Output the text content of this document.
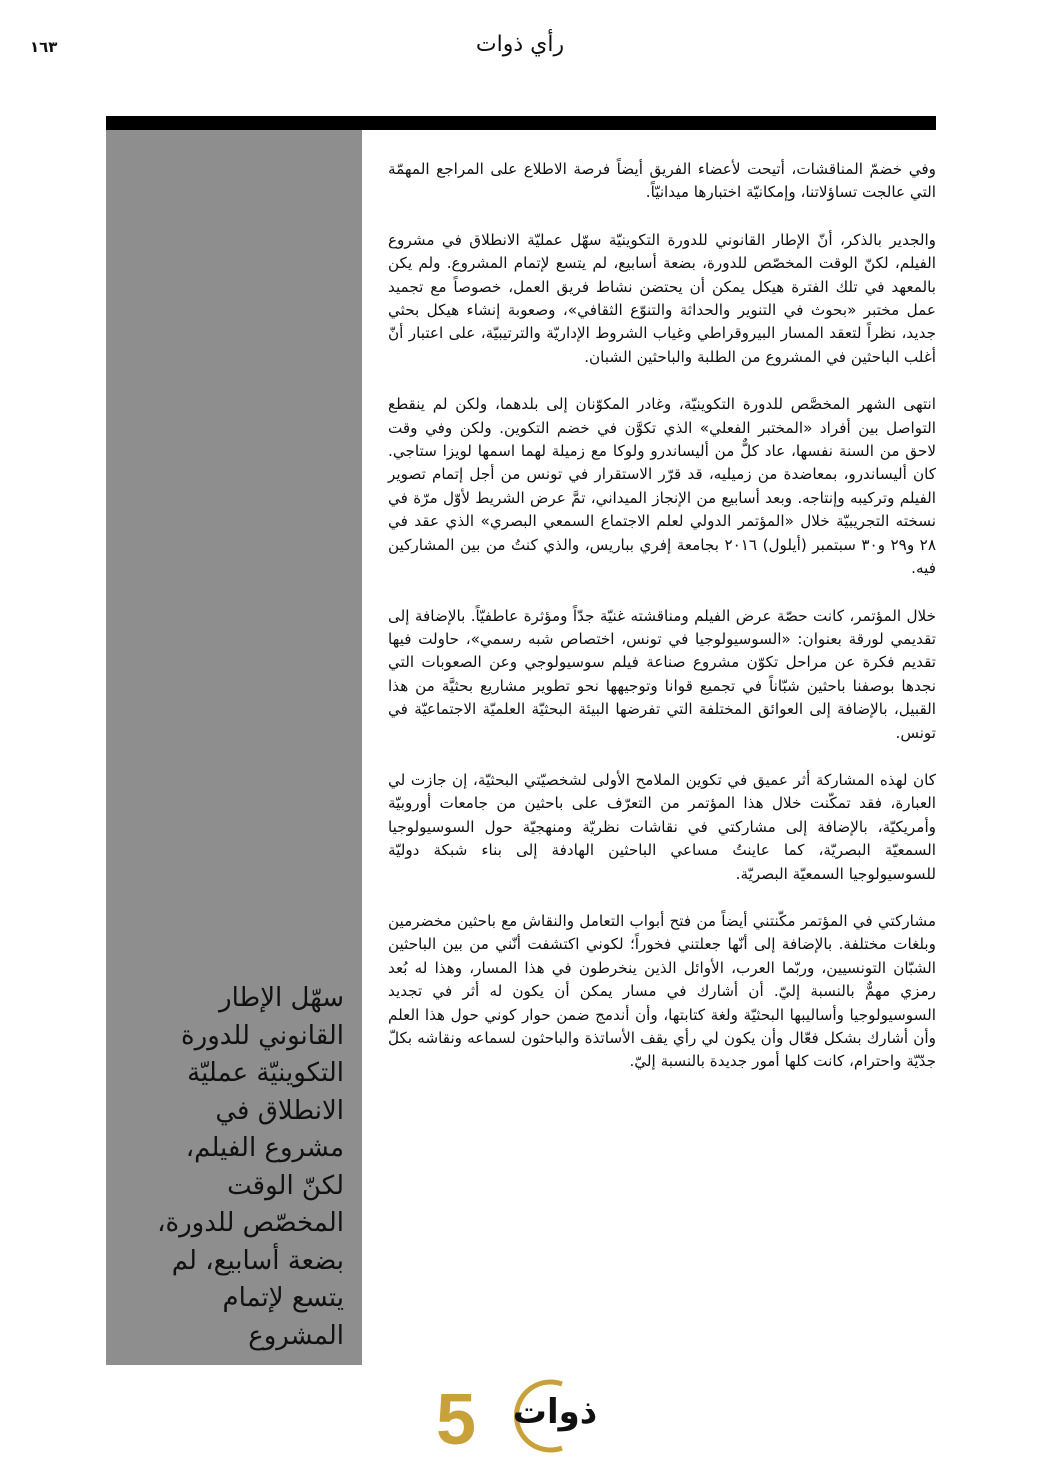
١٦٣	رأي ذوات
سهّل الإطار القانوني للدورة التكوينيّة عمليّة الانطلاق في مشروع الفيلم، لكنّ الوقت المخصّص للدورة، بضعة أسابيع، لم يتسع لإتمام المشروع

وفي خضمّ المناقشات، أتيحت لأعضاء الفريق أيضاً فرصة الاطلاع على المراجع المهمّة التي عالجت تساؤلاتنا، وإمكانيّة اختبارها ميدانيّاً.

والجدير بالذكر، أنّ الإطار القانوني للدورة التكوينيّة سهّل عمليّة الانطلاق في مشروع الفيلم، لكنّ الوقت المخصّص للدورة، بضعة أسابيع، لم يتسع لإتمام المشروع. ولم يكن بالمعهد في تلك الفترة هيكل يمكن أن يحتضن نشاط فريق العمل، خصوصاً مع تجميد عمل مختبر «بحوث في التنوير والحداثة والتنوّع الثقافي»، وصعوبة إنشاء هيكل بحثي جديد، نظراً لتعقد المسار البيروقراطي وغياب الشروط الإداريّة والترتيبيّة، على اعتبار أنّ أغلب الباحثين في المشروع من الطلبة والباحثين الشبان.

انتهى الشهر المخصَّص للدورة التكوينيّة، وغادر المكوّنان إلى بلدهما، ولكن لم ينقطع التواصل بين أفراد «المختبر الفعلي» الذي تكوَّن في خضم التكوين. ولكن وفي وقت لاحق من السنة نفسها، عاد كلٌّ من أليساندرو ولوكا مع زميلة لهما اسمها لويزا ستاجي. كان أليساندرو، بمعاضدة من زميليه، قد قرّر الاستقرار في تونس من أجل إتمام تصوير الفيلم وتركيبه وإنتاجه. وبعد أسابيع من الإنجاز الميداني، تمَّ عرض الشريط لأوّل مرّة في نسخته التجريبيّة خلال «المؤتمر الدولي لعلم الاجتماع السمعي البصري» الذي عقد في ٢٨ و٢٩ و٣٠ سبتمبر (أيلول) ٢٠١٦ بجامعة إفري بباريس، والذي كنتُ من بين المشاركين فيه.

خلال المؤتمر، كانت حصّة عرض الفيلم ومناقشته غنيّة جدّاً ومؤثرة عاطفيّاً. بالإضافة إلى تقديمي لورقة بعنوان: «السوسيولوجيا في تونس، اختصاص شبه رسمي»، حاولت فيها تقديم فكرة عن مراحل تكوّن مشروع صناعة فيلم سوسيولوجي وعن الصعوبات التي نجدها بوصفنا باحثين شبّاناً في تجميع قوانا وتوجيهها نحو تطوير مشاريع بحثيَّة من هذا القبيل، بالإضافة إلى العوائق المختلفة التي تفرضها البيئة البحثيّة العلميّة الاجتماعيّة في تونس.

كان لهذه المشاركة أثر عميق في تكوين الملامح الأولى لشخصيّتي البحثيّة، إن جازت لي العبارة، فقد تمكّنت خلال هذا المؤتمر من التعرّف على باحثين من جامعات أوروبيّة وأمريكيّة، بالإضافة إلى مشاركتي في نقاشات نظريّة ومنهجيّة حول السوسيولوجيا السمعيّة البصريّة، كما عاينتُ مساعي الباحثين الهادفة إلى بناء شبكة دوليّة للسوسيولوجيا السمعيّة البصريّة.

مشاركتي في المؤتمر مكّنتني أيضاً من فتح أبواب التعامل والنقاش مع باحثين مخضرمين وبلغات مختلفة. بالإضافة إلى أنّها جعلتني فخوراً؛ لكوني اكتشفت أنّني من بين الباحثين الشبّان التونسيين، وربّما العرب، الأوائل الذين ينخرطون في هذا المسار، وهذا له بُعد رمزي مهمٌّ بالنسبة إليّ. أن أشارك في مسار يمكن أن يكون له أثر في تجديد السوسيولوجيا وأساليبها البحثيّة ولغة كتابتها، وأن أندمج ضمن حوار كوني حول هذا العلم وأن أشارك بشكل فعّال وأن يكون لي رأي يقف الأساتذة والباحثون لسماعه ونقاشه بكلّ جدّيّة واحترام، كانت كلها أمور جديدة بالنسبة إليّ.

5	ذوات
